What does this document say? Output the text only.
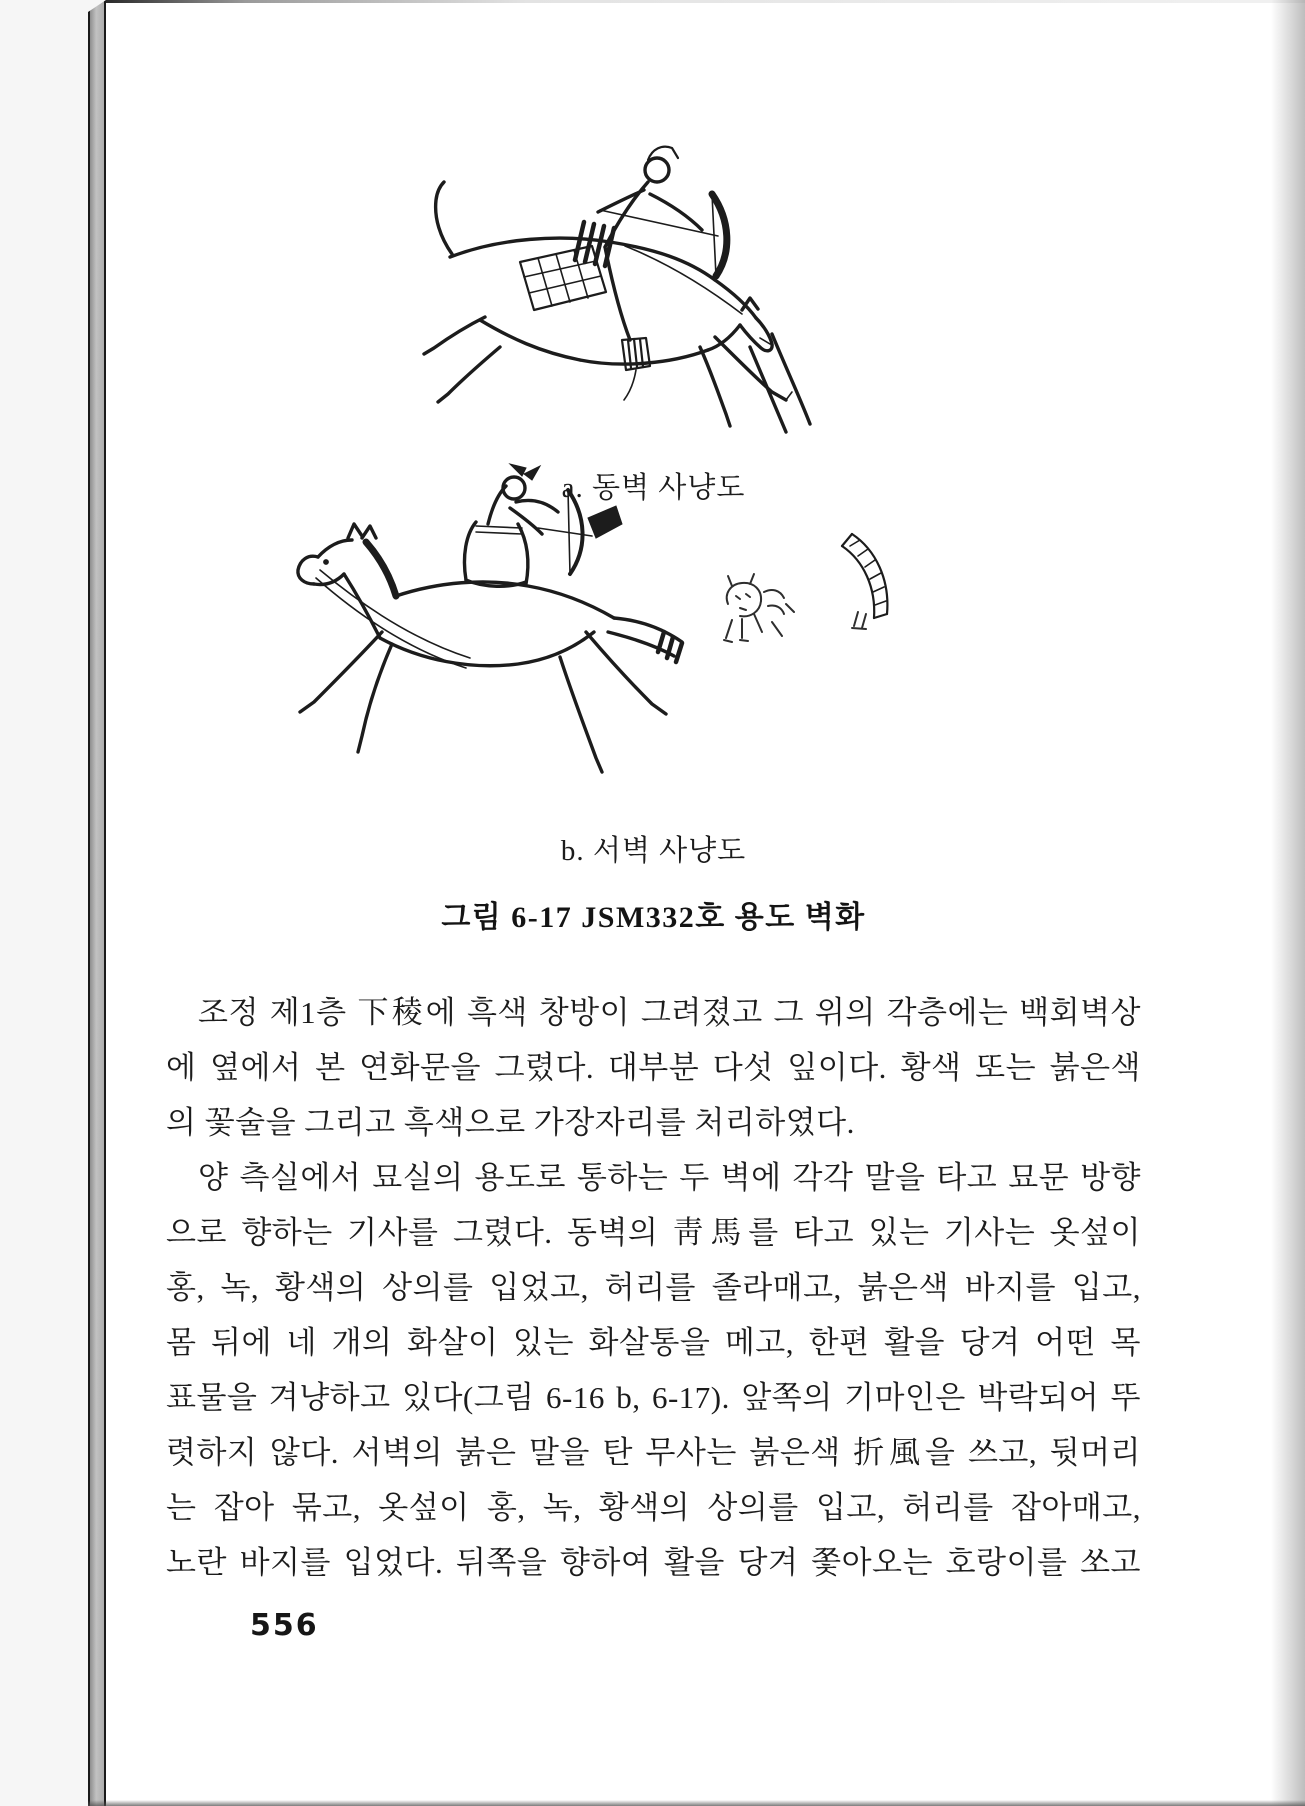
a. 동벽 사냥도
b. 서벽 사냥도
그림 6-17 JSM332호 용도 벽화
조정 제1층 下稜에 흑색 창방이 그려졌고 그 위의 각층에는 백회벽상
에 옆에서 본 연화문을 그렸다. 대부분 다섯 잎이다. 황색 또는 붉은색
의 꽃술을 그리고 흑색으로 가장자리를 처리하였다.
양 측실에서 묘실의 용도로 통하는 두 벽에 각각 말을 타고 묘문 방향
으로 향하는 기사를 그렸다. 동벽의 靑馬를 타고 있는 기사는 옷섶이
홍, 녹, 황색의 상의를 입었고, 허리를 졸라매고, 붉은색 바지를 입고,
몸 뒤에 네 개의 화살이 있는 화살통을 메고, 한편 활을 당겨 어떤 목
표물을 겨냥하고 있다(그림 6-16 b, 6-17). 앞쪽의 기마인은 박락되어 뚜
렷하지 않다. 서벽의 붉은 말을 탄 무사는 붉은색 折風을 쓰고, 뒷머리
는 잡아 묶고, 옷섶이 홍, 녹, 황색의 상의를 입고, 허리를 잡아매고,
노란 바지를 입었다. 뒤쪽을 향하여 활을 당겨 쫓아오는 호랑이를 쏘고
556
